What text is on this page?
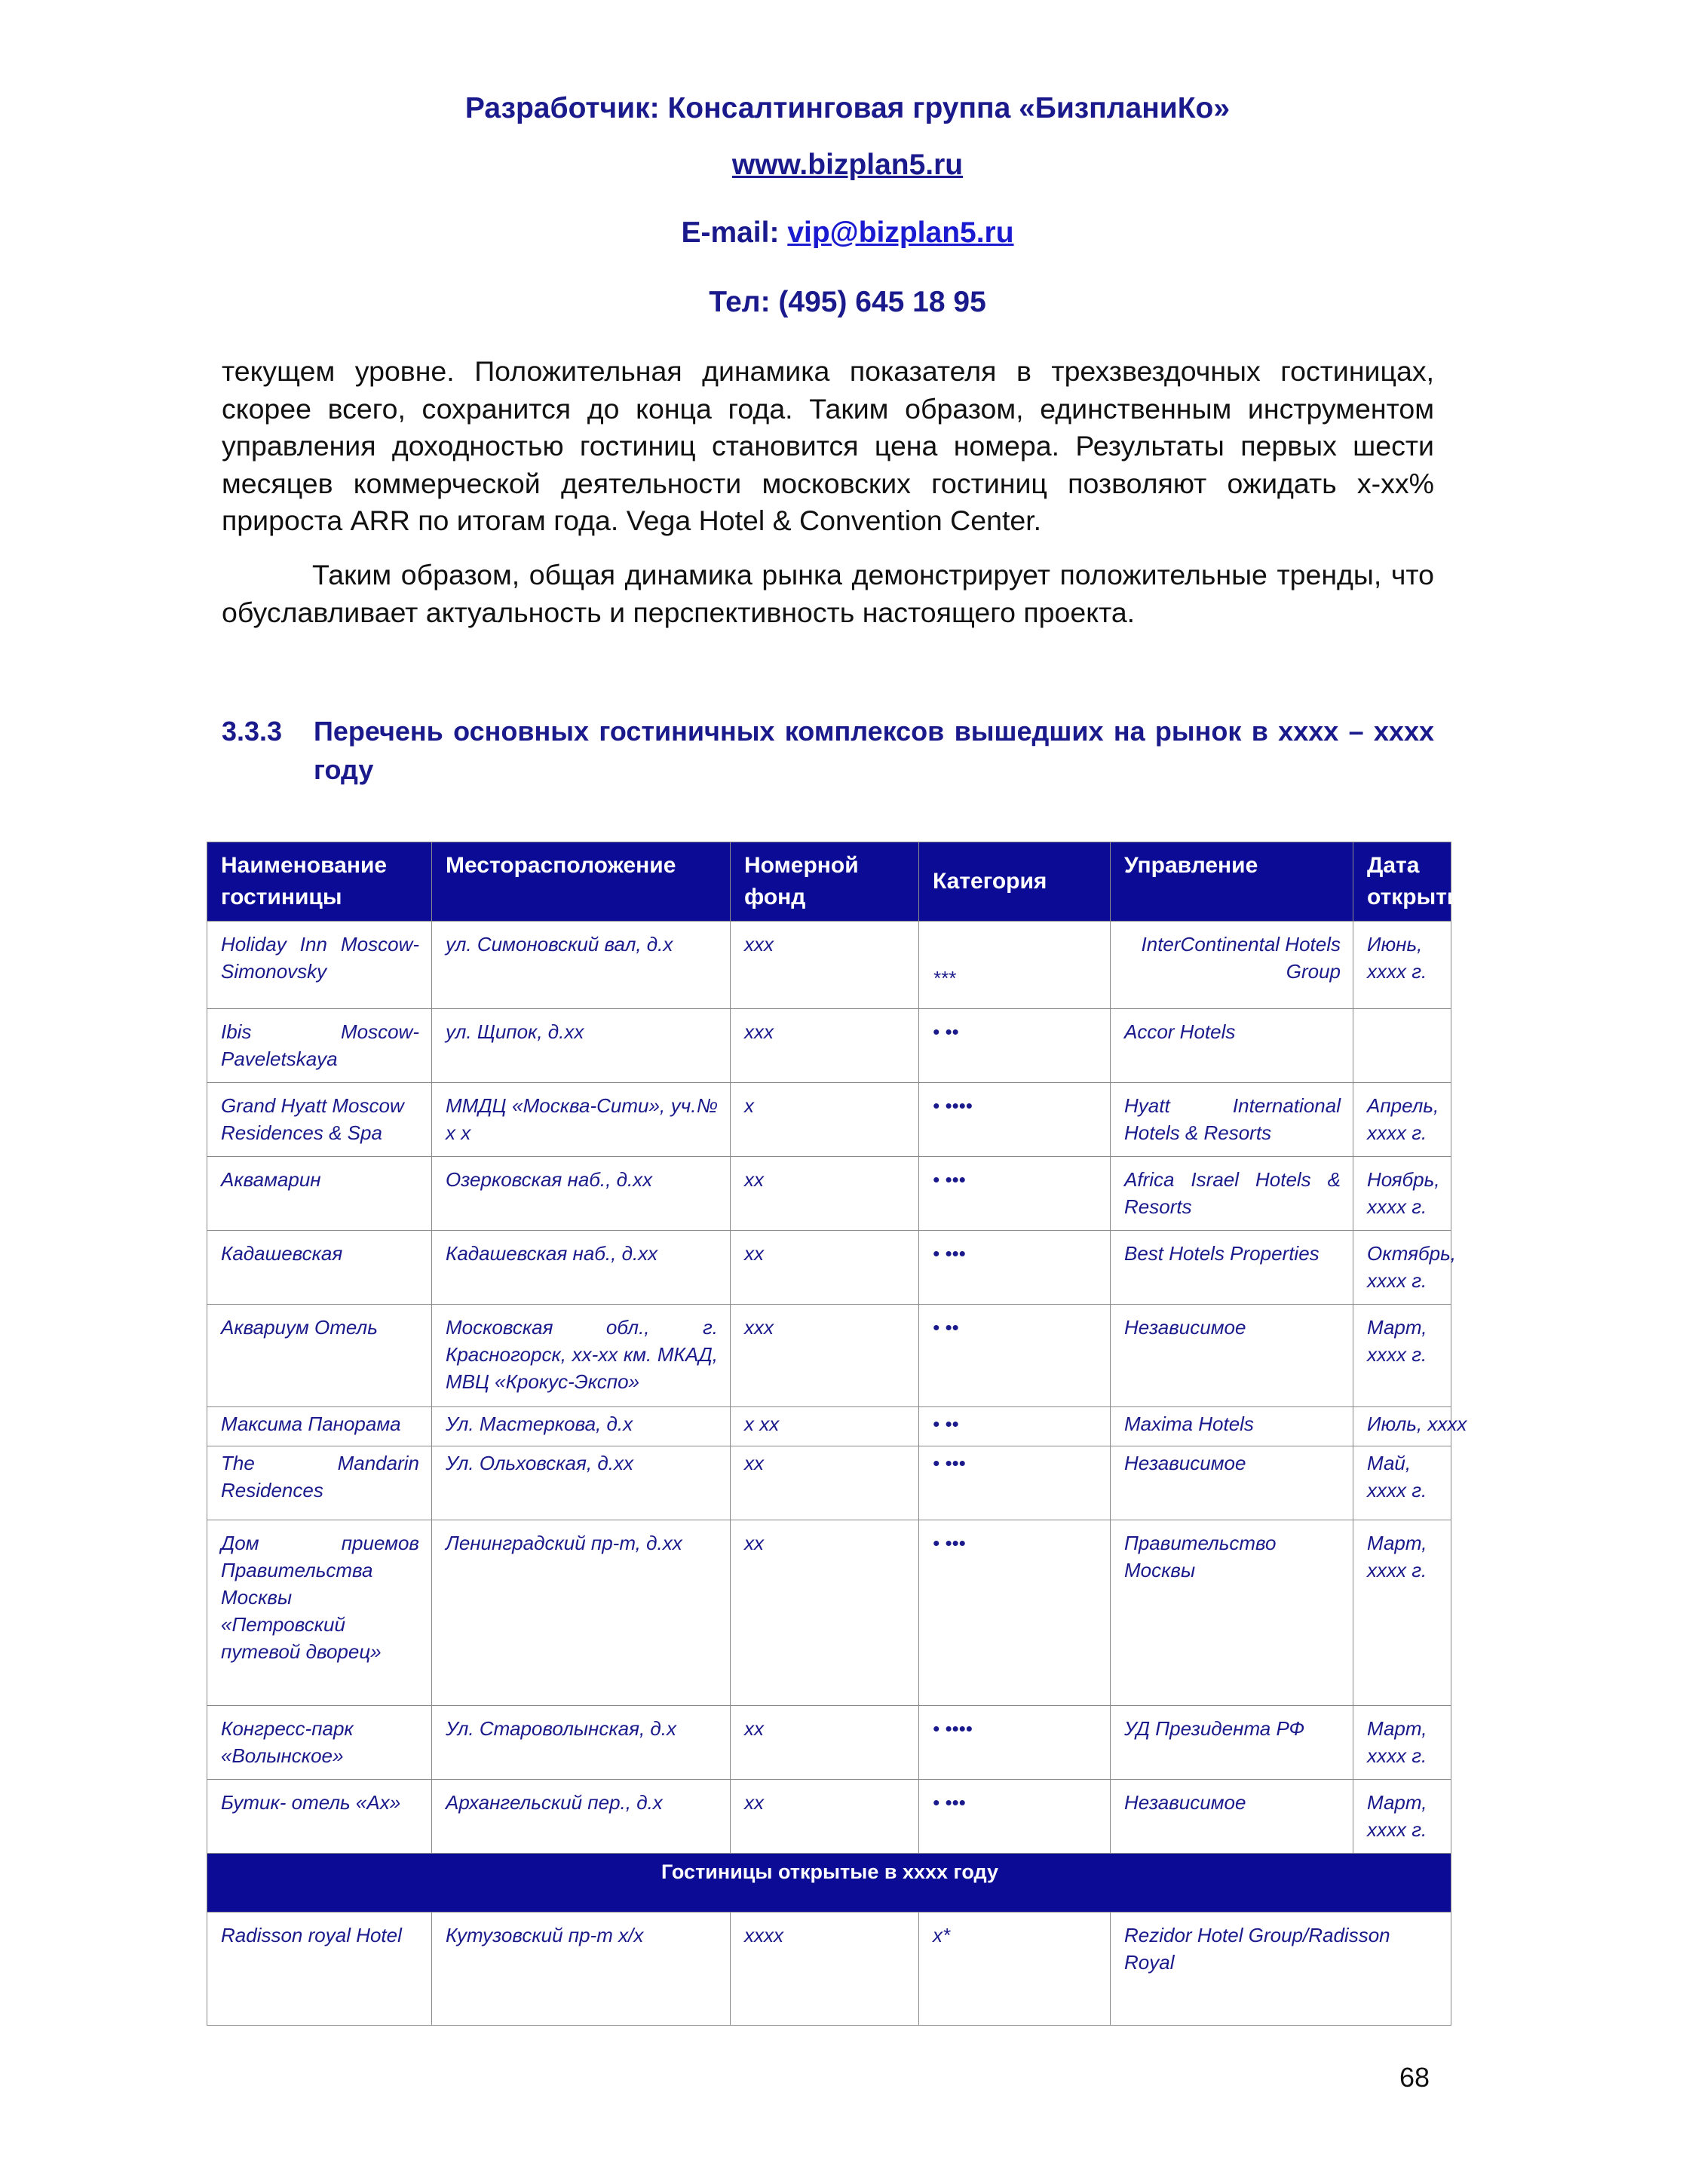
Разработчик: Консалтинговая группа «БизпланиКо»
www.bizplan5.ru
E-mail: vip@bizplan5.ru
Тел: (495) 645 18 95

текущем уровне. Положительная динамика показателя в трехзвездочных гостиницах, скорее всего, сохранится до конца года. Таким образом, единственным инструментом управления доходностью гостиниц становится цена номера. Результаты первых шести месяцев коммерческой деятельности московских гостиниц позволяют ожидать х-хх% прироста ARR по итогам года. Vega Hotel & Convention Center.

Таким образом, общая динамика рынка демонстрирует положительные тренды, что обуславливает актуальность и перспективность настоящего проекта.

3.3.3 Перечень основных гостиничных комплексов вышедших на рынок в хххх – хххх году
Наименование гостиницы	Месторасположение	Номерной фонд	Категория	Управление	Дата открытия
Holiday Inn Moscow-Simonovsky	ул. Симоновский вал, д.х	ххх	***	InterContinental Hotels Group	Июнь, хххх г.
Ibis Moscow-Paveletskaya	ул. Щипок, д.хх	ххх	• ••	Accor Hotels	
Grand Hyatt Moscow Residences & Spa	ММДЦ «Москва-Сити», уч.№ х х	х	• ••••	Hyatt International Hotels & Resorts	Апрель, хххх г.
Аквамарин	Озерковская наб., д.хх	хх	• •••	Africa Israel Hotels & Resorts	Ноябрь, хххх г.
Кадашевская	Кадашевская наб., д.хх	хх	• •••	Best Hotels Properties	Октябрь, хххх г.
Аквариум Отель	Московская обл., г. Красногорск, хх-хх км. МКАД, МВЦ «Крокус-Экспо»	ххх	• ••	Независимое	Март, хххх г.
Максима Панорама	Ул. Мастеркова, д.х	х хх	• ••	Maxima Hotels	Июль, хххх
The Mandarin Residences	Ул. Ольховская, д.хх	хх	• •••	Независимое	Май, хххх г.
Дом приемов Правительства Москвы «Петровский путевой дворец»	Ленинградский пр-т, д.хх	хх	• •••	Правительство Москвы	Март, хххх г.
Конгресс-парк «Волынское»	Ул. Староволынская, д.х	хх	• ••••	УД Президента РФ	Март, хххх г.
Бутик- отель «Ах»	Архангельский пер., д.х	хх	• •••	Независимое	Март, хххх г.
Гостиницы открытые в хххх году					
Radisson royal Hotel	Кутузовский пр-т х/х	хххх	х*	Rezidor Hotel Group/Radisson Royal	
68
